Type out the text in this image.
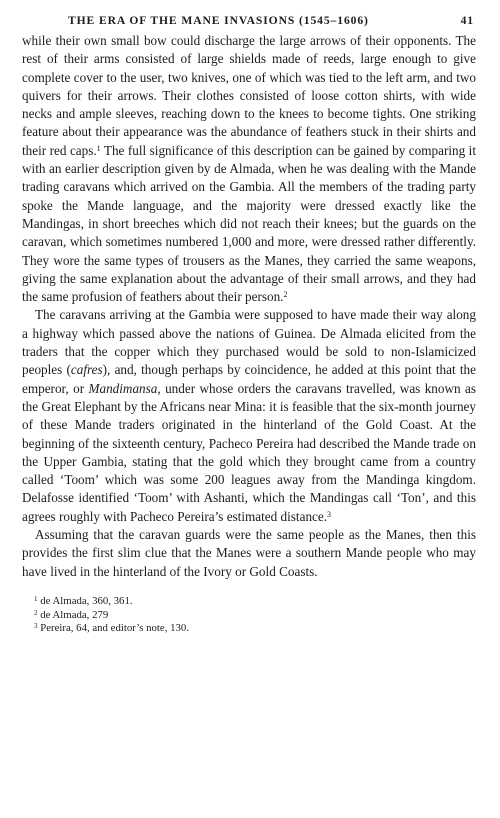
THE ERA OF THE MANE INVASIONS (1545–1606)	41

while their own small bow could discharge the large arrows of their opponents. The rest of their arms consisted of large shields made of reeds, large enough to give complete cover to the user, two knives, one of which was tied to the left arm, and two quivers for their arrows. Their clothes consisted of loose cotton shirts, with wide necks and ample sleeves, reaching down to the knees to become tights. One striking feature about their appearance was the abundance of feathers stuck in their shirts and their red caps.$^1$ The full significance of this description can be gained by comparing it with an earlier description given by de Almada, when he was dealing with the Mande trading caravans which arrived on the Gambia. All the members of the trading party spoke the Mande language, and the majority were dressed exactly like the Mandingas, in short breeches which did not reach their knees; but the guards on the caravan, which sometimes numbered 1,000 and more, were dressed rather differently. They wore the same types of trousers as the Manes, they carried the same weapons, giving the same explanation about the advantage of their small arrows, and they had the same profusion of feathers about their person.$^2$

The caravans arriving at the Gambia were supposed to have made their way along a highway which passed above the nations of Guinea. De Almada elicited from the traders that the copper which they purchased would be sold to non-Islamicized peoples (cafres), and, though perhaps by coincidence, he added at this point that the emperor, or Mandimansa, under whose orders the caravans travelled, was known as the Great Elephant by the Africans near Mina: it is feasible that the six-month journey of these Mande traders originated in the hinterland of the Gold Coast. At the beginning of the sixteenth century, Pacheco Pereira had described the Mande trade on the Upper Gambia, stating that the gold which they brought came from a country called ‘Toom’ which was some 200 leagues away from the Mandinga kingdom. Delafosse identified ‘Toom’ with Ashanti, which the Mandingas call ‘Ton’, and this agrees roughly with Pacheco Pereira’s estimated distance.$^3$

Assuming that the caravan guards were the same people as the Manes, then this provides the first slim clue that the Manes were a southern Mande people who may have lived in the hinterland of the Ivory or Gold Coasts.

$^1$ de Almada, 360, 361.
$^2$ de Almada, 279
$^3$ Pereira, 64, and editor’s note, 130.
